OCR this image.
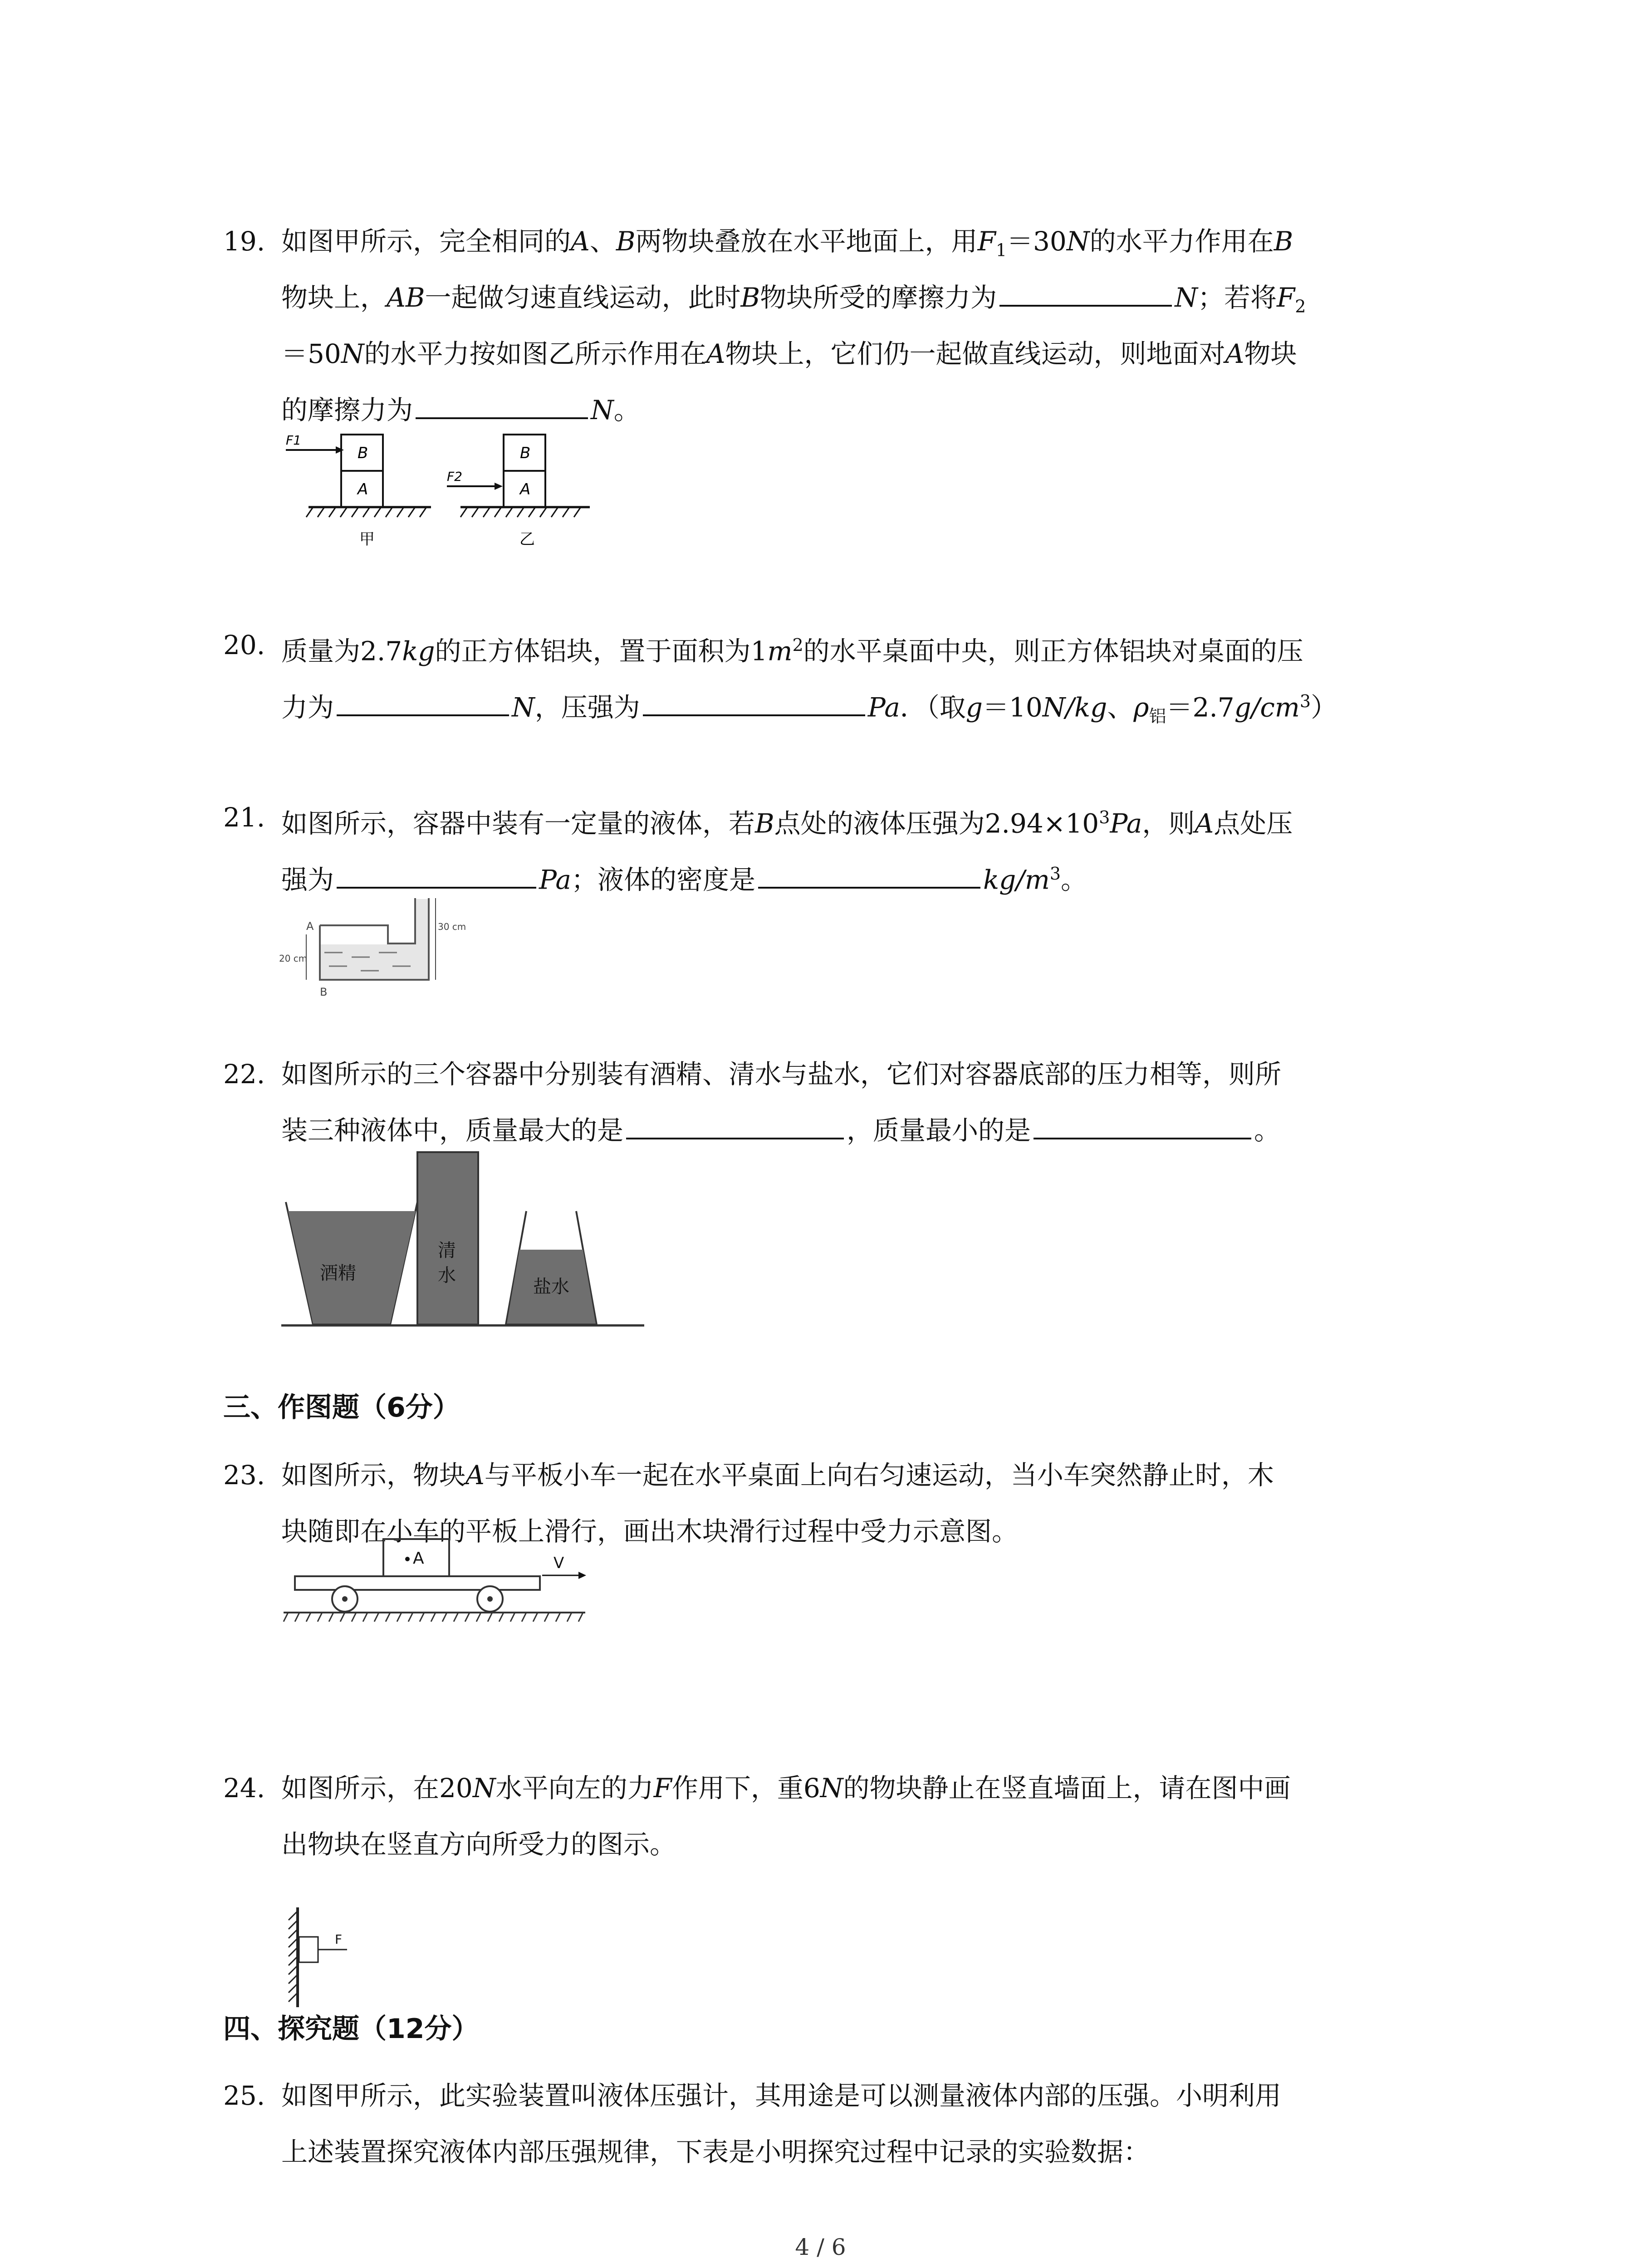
19. 如图甲所示，完全相同的A、B两物块叠放在水平地面上，用$F_1=30N$的水平力作用在B
物块上，AB一起做匀速直线运动，此时B物块所受的摩擦力为	N；若将$F_2$
＝50N的水平力按如图乙所示作用在A物块上，它们仍一起做直线运动，则地面对A物块
的摩擦力为	N。
F1
B
A
甲
F2
B
A
乙
20. 质量为2.7kg的正方体铝块，置于面积为$1m^2$的水平桌面中央，则正方体铝块对桌面的压
力为	N，压强为	Pa．（取g＝10N/kg、$\rho_铝=2.7g/cm^3$）
21. 如图所示，容器中装有一定量的液体，若B点处的液体压强为$2.94\times 10^3Pa$，则A点处压
强为	Pa；液体的密度是	$kg/m^3$。
A
B
20 cm
30 cm
22. 如图所示的三个容器中分别装有酒精、清水与盐水，它们对容器底部的压力相等，则所
装三种液体中，质量最大的是	，质量最小的是	。
酒精
清
水
盐水
三、作图题（6分）
23. 如图所示，物块A与平板小车一起在水平桌面上向右匀速运动，当小车突然静止时，木
块随即在小车的平板上滑行，画出木块滑行过程中受力示意图。
A	V
24. 如图所示，在20N水平向左的力F作用下，重6N的物块静止在竖直墙面上，请在图中画
出物块在竖直方向所受力的图示。
F
四、探究题（12分）
25. 如图甲所示，此实验装置叫液体压强计，其用途是可以测量液体内部的压强。小明利用
上述装置探究液体内部压强规律，下表是小明探究过程中记录的实验数据：
4 / 6
